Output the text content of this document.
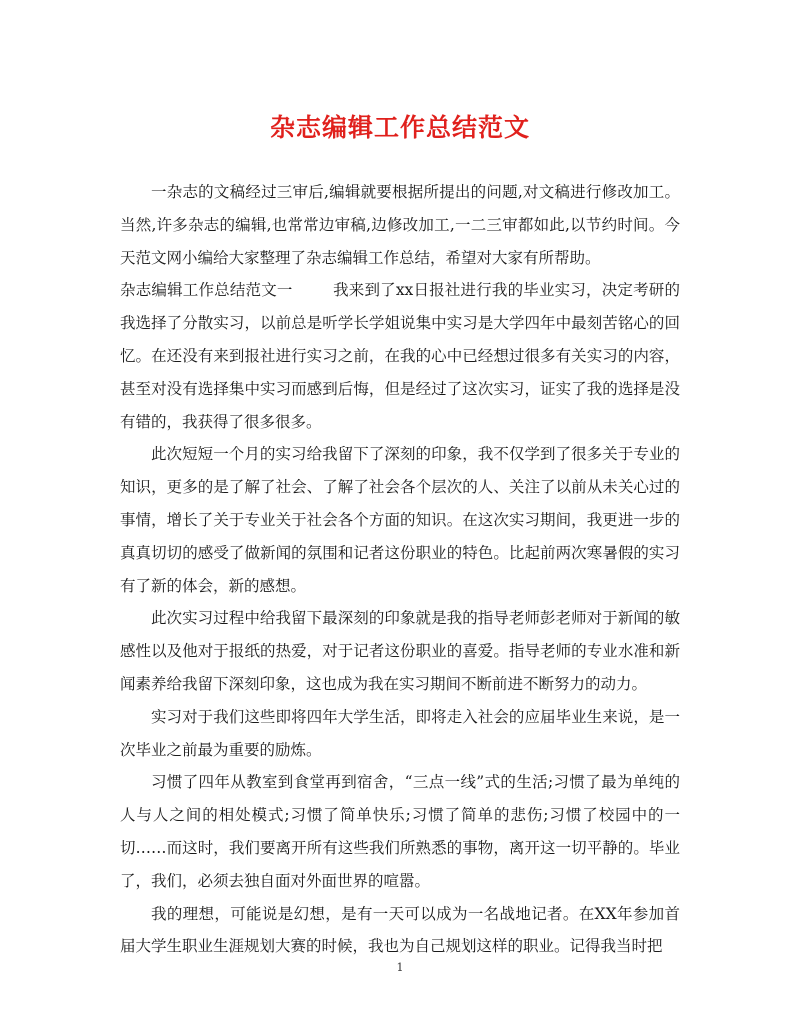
杂志编辑工作总结范文

一杂志的文稿经过三审后,编辑就要根据所提出的问题,对文稿进行修改加工。当然,许多杂志的编辑,也常常边审稿,边修改加工,一二三审都如此,以节约时间。今天范文网小编给大家整理了杂志编辑工作总结，希望对大家有所帮助。

杂志编辑工作总结范文一	我来到了xx日报社进行我的毕业实习，决定考研的我选择了分散实习，以前总是听学长学姐说集中实习是大学四年中最刻苦铭心的回忆。在还没有来到报社进行实习之前，在我的心中已经想过很多有关实习的内容，甚至对没有选择集中实习而感到后悔，但是经过了这次实习，证实了我的选择是没有错的，我获得了很多很多。

此次短短一个月的实习给我留下了深刻的印象，我不仅学到了很多关于专业的知识，更多的是了解了社会、了解了社会各个层次的人、关注了以前从未关心过的事情，增长了关于专业关于社会各个方面的知识。在这次实习期间，我更进一步的真真切切的感受了做新闻的氛围和记者这份职业的特色。比起前两次寒暑假的实习有了新的体会，新的感想。

此次实习过程中给我留下最深刻的印象就是我的指导老师彭老师对于新闻的敏感性以及他对于报纸的热爱，对于记者这份职业的喜爱。指导老师的专业水准和新闻素养给我留下深刻印象，这也成为我在实习期间不断前进不断努力的动力。

实习对于我们这些即将四年大学生活，即将走入社会的应届毕业生来说，是一次毕业之前最为重要的励炼。

习惯了四年从教室到食堂再到宿舍，“三点一线”式的生活;习惯了最为单纯的人与人之间的相处模式;习惯了简单快乐;习惯了简单的悲伤;习惯了校园中的一切……而这时，我们要离开所有这些我们所熟悉的事物，离开这一切平静的。毕业了，我们，必须去独自面对外面世界的喧嚣。

我的理想，可能说是幻想，是有一天可以成为一名战地记者。在XX年参加首届大学生职业生涯规划大赛的时候，我也为自己规划这样的职业。记得我当时把

1
